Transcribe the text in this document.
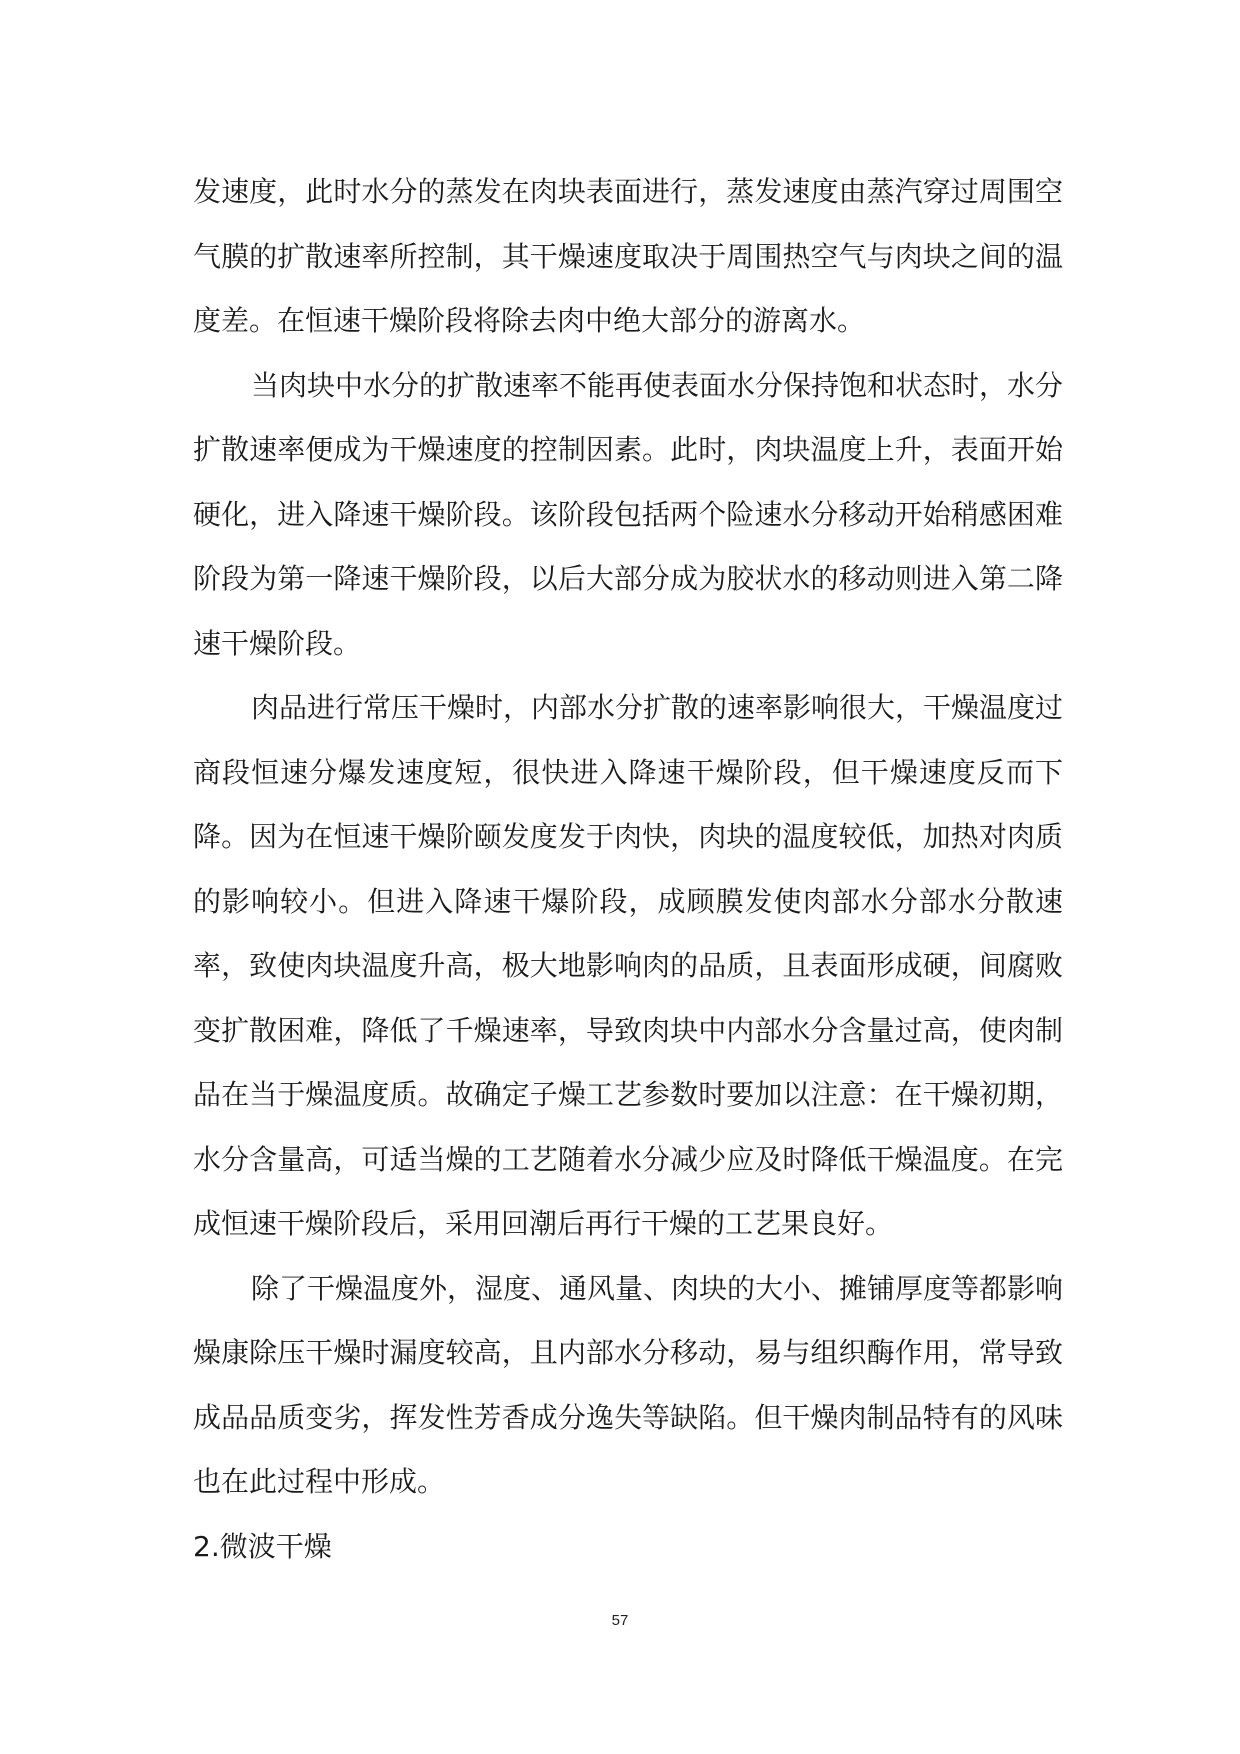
发速度，此时水分的蒸发在肉块表面进行，蒸发速度由蒸汽穿过周围空气膜的扩散速率所控制，其干燥速度取决于周围热空气与肉块之间的温度差。在恒速干燥阶段将除去肉中绝大部分的游离水。

当肉块中水分的扩散速率不能再使表面水分保持饱和状态时，水分扩散速率便成为干燥速度的控制因素。此时，肉块温度上升，表面开始硬化，进入降速干燥阶段。该阶段包括两个险速水分移动开始稍感困难阶段为第一降速干燥阶段，以后大部分成为胶状水的移动则进入第二降速干燥阶段。

肉品进行常压干燥时，内部水分扩散的速率影响很大，干燥温度过商段恒速分爆发速度短，很快进入降速干燥阶段，但干燥速度反而下降。因为在恒速干燥阶颐发度发于肉快，肉块的温度较低，加热对肉质的影响较小。但进入降速干爆阶段，成顾膜发使肉部水分部水分散速率，致使肉块温度升高，极大地影响肉的品质，且表面形成硬，间腐败变扩散困难，降低了千燥速率，导致肉块中内部水分含量过高，使肉制品在当于燥温度质。故确定子燥工艺参数时要加以注意：在干燥初期，水分含量高，可适当燥的工艺随着水分减少应及时降低干燥温度。在完成恒速干燥阶段后，采用回潮后再行干燥的工艺果良好。

除了干燥温度外，湿度、通风量、肉块的大小、摊铺厚度等都影响燥康除压干燥时漏度较高，且内部水分移动，易与组织酶作用，常导致成品品质变劣，挥发性芳香成分逸失等缺陷。但干燥肉制品特有的风味也在此过程中形成。

2.微波干燥
57
